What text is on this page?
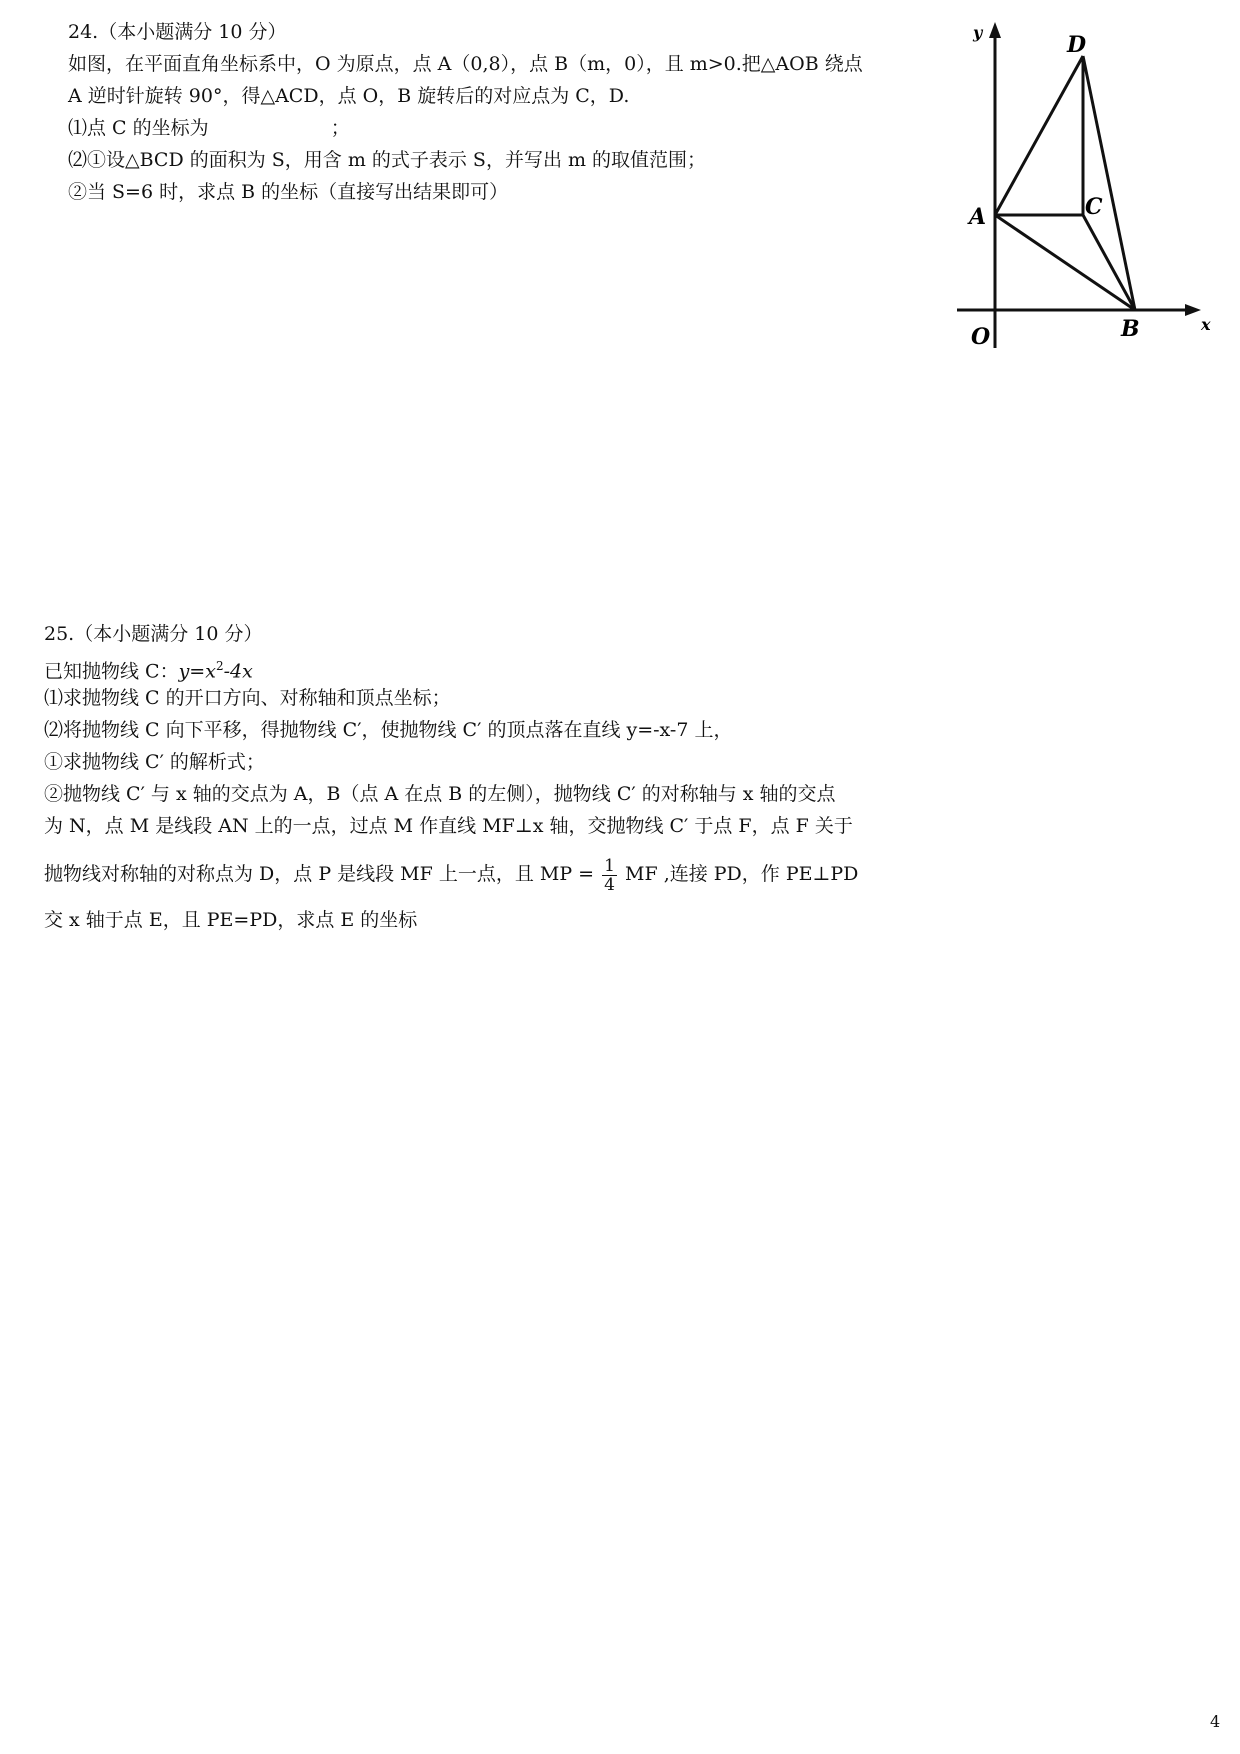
24.（本小题满分 10 分）
如图，在平面直角坐标系中，O 为原点，点 A（0,8），点 B（m，0），且 m>0.把△AOB 绕点
A 逆时针旋转 90°，得△ACD，点 O，B 旋转后的对应点为 C，D.
⑴点 C 的坐标为	；
⑵①设△BCD 的面积为 S，用含 m 的式子表示 S，并写出 m 的取值范围；
②当 S=6 时，求点 B 的坐标（直接写出结果即可）
y
x
O
A
B
C
D
25.（本小题满分 10 分）
已知抛物线 C：$y=x^2-4x$
⑴求抛物线 C 的开口方向、对称轴和顶点坐标；
⑵将抛物线 C 向下平移，得抛物线 C′，使抛物线 C′ 的顶点落在直线 y=-x-7 上，
①求抛物线 C′ 的解析式；
②抛物线 C′ 与 x 轴的交点为 A，B（点 A 在点 B 的左侧），抛物线 C′ 的对称轴与 x 轴的交点
为 N，点 M 是线段 AN 上的一点，过点 M 作直线 MF⊥x 轴，交抛物线 C′ 于点 F，点 F 关于
抛物线对称轴的对称点为 D，点 P 是线段 MF 上一点，且 MP = $\frac{1}{4}$ MF ,连接 PD，作 PE⊥PD
交 x 轴于点 E，且 PE=PD，求点 E 的坐标
4
